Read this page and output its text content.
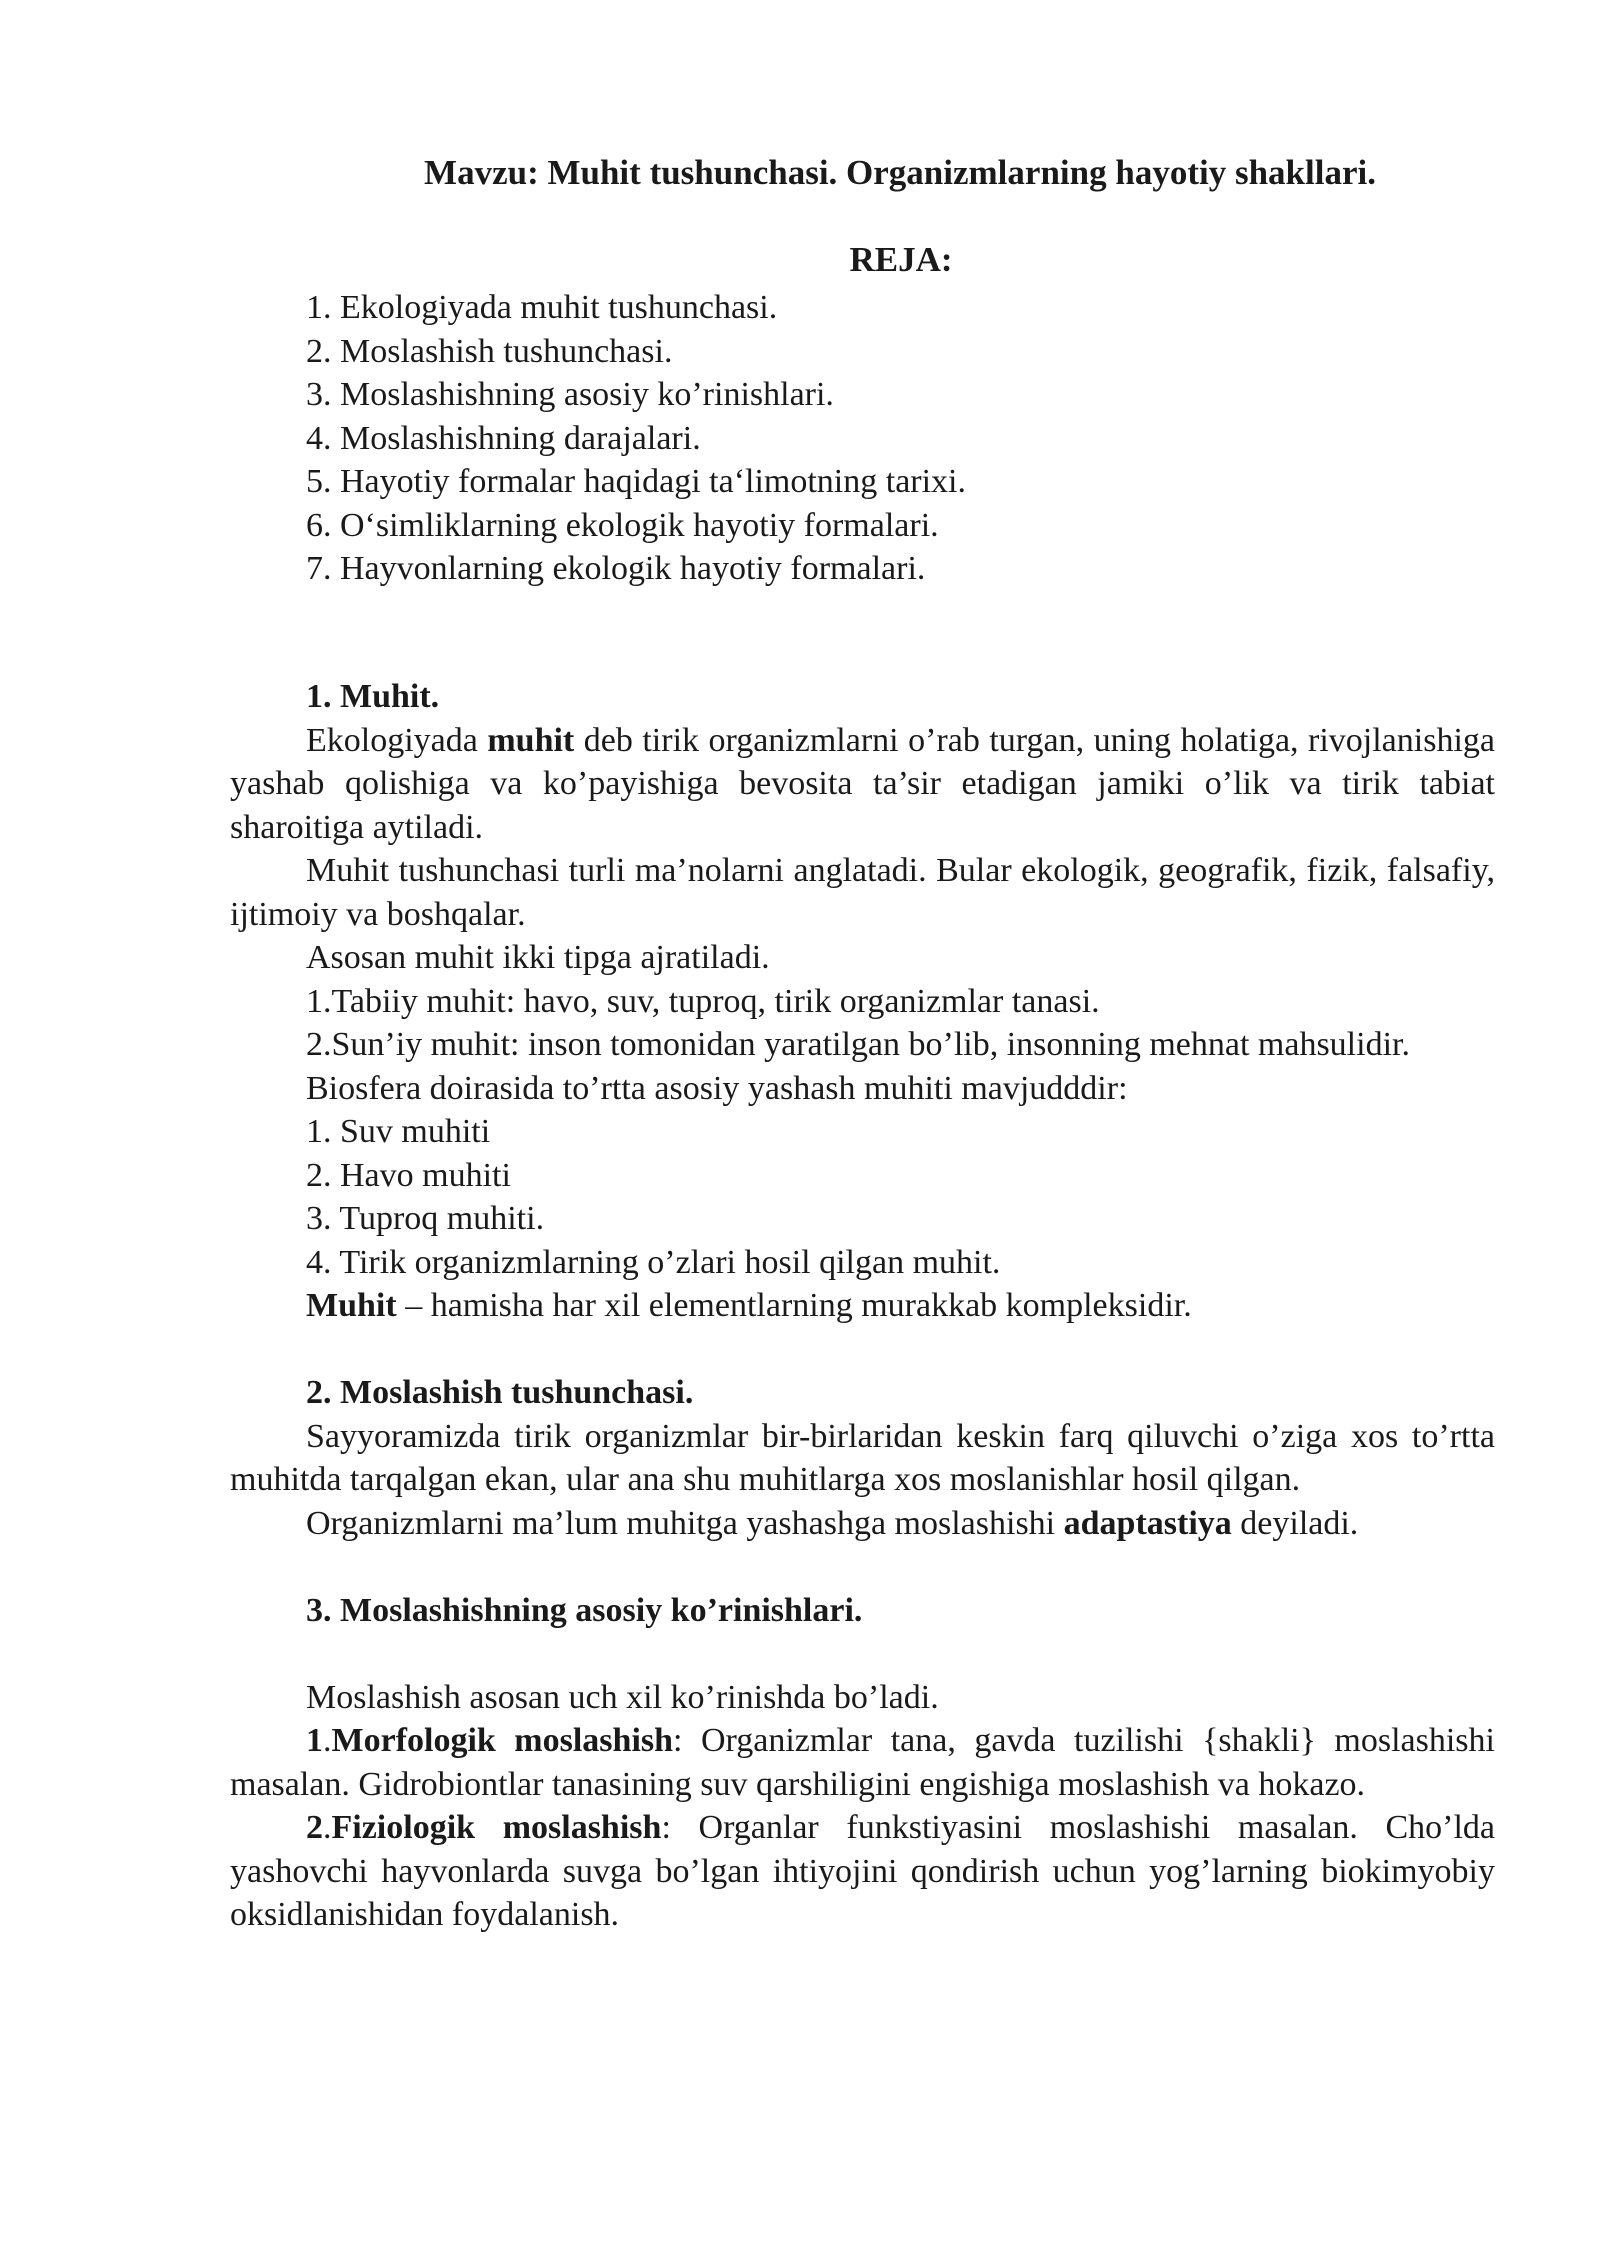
Mavzu: Muhit tushunchasi. Organizmlarning hayotiy shakllari.
REJA:
1. Ekologiyada muhit tushunchasi.
2. Moslashish tushunchasi.
3. Moslashishning asosiy ko’rinishlari.
4. Moslashishning darajalari.
5. Hayotiy formalar haqidagi ta‘limotning tarixi.
6. O‘simliklarning ekologik hayotiy formalari.
7. Hayvonlarning ekologik hayotiy formalari.
1. Muhit.

Ekologiyada muhit deb tirik organizmlarni o’rab turgan, uning holatiga, rivojlanishiga yashab qolishiga va ko’payishiga bevosita ta’sir etadigan jamiki o’lik va tirik tabiat sharoitiga aytiladi.

Muhit tushunchasi turli ma’nolarni anglatadi. Bular ekologik, geografik, fizik, falsafiy, ijtimoiy va boshqalar.

Asosan muhit ikki tipga ajratiladi.

1.Tabiiy muhit: havo, suv, tuproq, tirik organizmlar tanasi.

2.Sun’iy muhit: inson tomonidan yaratilgan bo’lib, insonning mehnat mahsulidir.

Biosfera doirasida to’rtta asosiy yashash muhiti mavjudddir:

1. Suv muhiti

2. Havo muhiti

3. Tuproq muhiti.

4. Tirik organizmlarning o’zlari hosil qilgan muhit.

Muhit – hamisha har xil elementlarning murakkab kompleksidir.

2. Moslashish tushunchasi.

Sayyoramizda tirik organizmlar bir-birlaridan keskin farq qiluvchi o’ziga xos to’rtta muhitda tarqalgan ekan, ular ana shu muhitlarga xos moslanishlar hosil qilgan.

Organizmlarni ma’lum muhitga yashashga moslashishi adaptastiya deyiladi.

3. Moslashishning asosiy ko’rinishlari.

Moslashish asosan uch xil ko’rinishda bo’ladi.

1.Morfologik moslashish: Organizmlar tana, gavda tuzilishi {shakli} moslashishi masalan. Gidrobiontlar tanasining suv qarshiligini engishiga moslashish va hokazo.

2.Fiziologik moslashish: Organlar funkstiyasini moslashishi masalan. Cho’lda yashovchi hayvonlarda suvga bo’lgan ihtiyojini qondirish uchun yog’larning biokimyobiy oksidlanishidan foydalanish.
